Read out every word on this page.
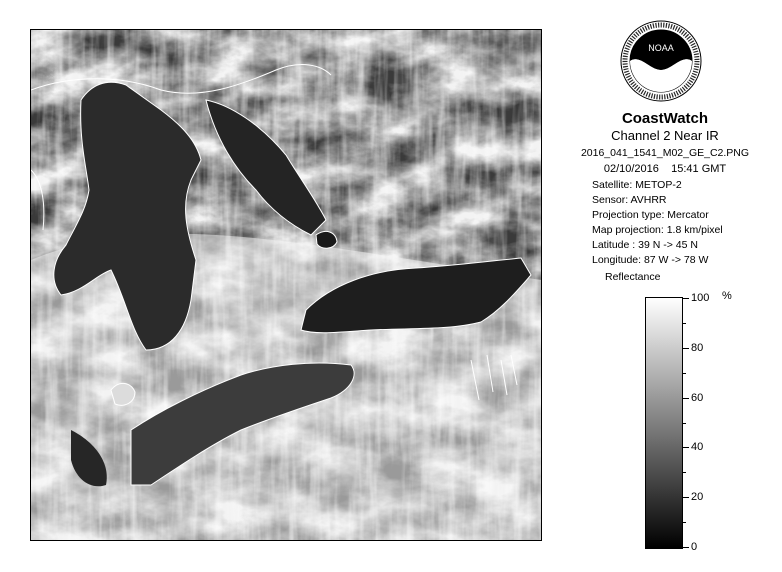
NOAA
CoastWatch
Channel 2 Near IR
2016_041_1541_M02_GE_C2.PNG
02/10/2016    15:41 GMT
Satellite: METOP-2
Sensor: AVHRR
Projection type: Mercator
Map projection: 1.8 km/pixel
Latitude : 39 N -> 45 N
Longitude: 87 W -> 78 W
Reflectance
%
100
80
60
40
20
0
